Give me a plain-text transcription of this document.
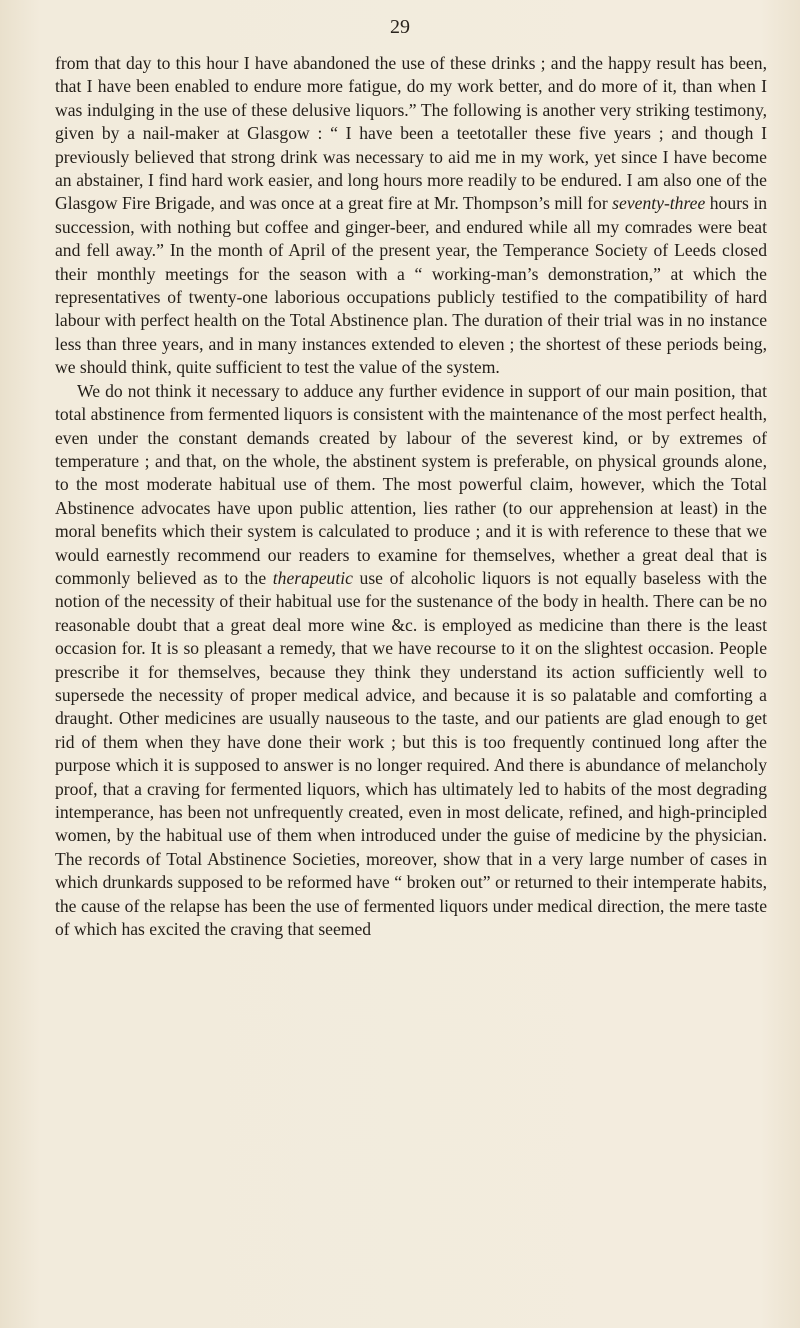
29

from that day to this hour I have abandoned the use of these drinks ; and the happy result has been, that I have been enabled to endure more fatigue, do my work better, and do more of it, than when I was indulging in the use of these delusive liquors.” The following is another very striking testimony, given by a nail-maker at Glasgow : “ I have been a teetotaller these five years ; and though I previously believed that strong drink was necessary to aid me in my work, yet since I have become an abstainer, I find hard work easier, and long hours more readily to be endured. I am also one of the Glasgow Fire Brigade, and was once at a great fire at Mr. Thompson’s mill for seventy-three hours in succession, with nothing but coffee and ginger-beer, and endured while all my comrades were beat and fell away.” In the month of April of the present year, the Temperance Society of Leeds closed their monthly meetings for the season with a “ working-man’s demonstration,” at which the representatives of twenty-one laborious occupations publicly testified to the compatibility of hard labour with perfect health on the Total Abstinence plan. The duration of their trial was in no instance less than three years, and in many instances extended to eleven ; the shortest of these periods being, we should think, quite sufficient to test the value of the system.

We do not think it necessary to adduce any further evidence in support of our main position, that total abstinence from fermented liquors is consistent with the maintenance of the most perfect health, even under the constant demands created by labour of the severest kind, or by extremes of temperature ; and that, on the whole, the abstinent system is preferable, on physical grounds alone, to the most moderate habitual use of them. The most powerful claim, however, which the Total Abstinence advocates have upon public attention, lies rather (to our apprehension at least) in the moral benefits which their system is calculated to produce ; and it is with reference to these that we would earnestly recommend our readers to examine for themselves, whether a great deal that is commonly believed as to the therapeutic use of alcoholic liquors is not equally baseless with the notion of the necessity of their habitual use for the sustenance of the body in health. There can be no reasonable doubt that a great deal more wine &c. is employed as medicine than there is the least occasion for. It is so pleasant a remedy, that we have recourse to it on the slightest occasion. People prescribe it for themselves, because they think they understand its action sufficiently well to supersede the necessity of proper medical advice, and because it is so palatable and comforting a draught. Other medicines are usually nauseous to the taste, and our patients are glad enough to get rid of them when they have done their work ; but this is too frequently continued long after the purpose which it is supposed to answer is no longer required. And there is abundance of melancholy proof, that a craving for fermented liquors, which has ultimately led to habits of the most degrading intemperance, has been not unfrequently created, even in most delicate, refined, and high-principled women, by the habitual use of them when introduced under the guise of medicine by the physician. The records of Total Abstinence Societies, moreover, show that in a very large number of cases in which drunkards supposed to be reformed have “ broken out” or returned to their intemperate habits, the cause of the relapse has been the use of fermented liquors under medical direction, the mere taste of which has excited the craving that seemed
